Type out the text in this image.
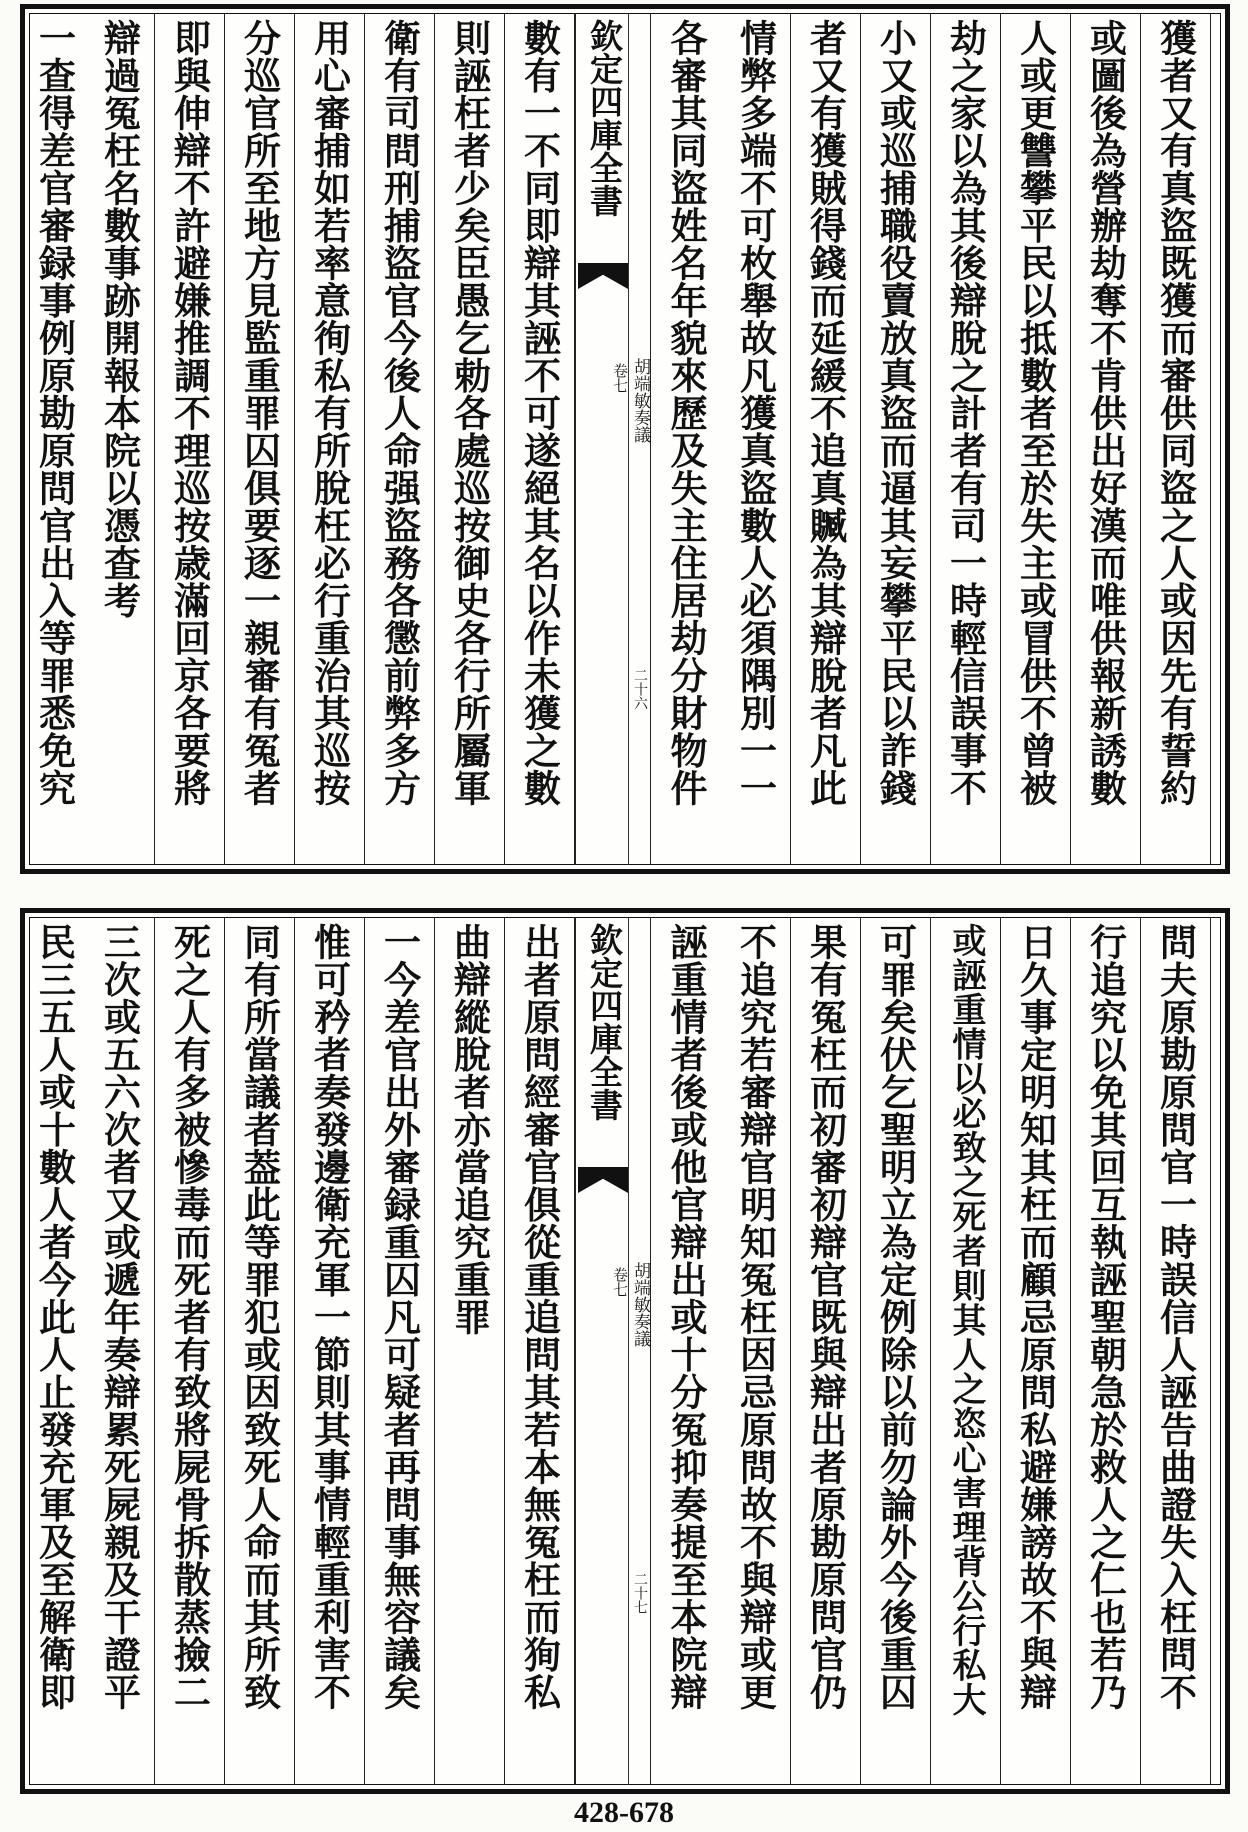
獲者又有真盜既獲而審供同盜之人或因先有誓約
或圖後為營辦劫奪不肯供出好漢而唯供報新誘數
人或更讐攀平民以抵數者至於失主或冒供不曾被
劫之家以為其後辯脫之計者有司一時輕信誤事不
小又或巡捕職役賣放真盜而逼其妄攀平民以詐錢
者又有獲賊得錢而延緩不追真贓為其辯脫者凡此
情弊多端不可枚舉故凡獲真盜數人必須隅別一一
各審其同盜姓名年貌來歷及失主住居劫分財物件
欽定四庫全書
胡端敏奏議
卷七
二十六
數有一不同即辯其誣不可遂絕其名以作未獲之數
則誣枉者少矣臣愚乞勅各處巡按御史各行所屬軍
衛有司問刑捕盜官今後人命强盜務各懲前弊多方
用心審捕如若率意徇私有所脫枉必行重治其巡按
分巡官所至地方見監重罪囚俱要逐一親審有冤者
即與伸辯不許避嫌推調不理巡按歳滿回京各要將
辯過冤枉名數事跡開報本院以憑查考
一查得差官審録事例原勘原問官出入等罪悉免究
問夫原勘原問官一時誤信人誣告曲證失入枉問不
行追究以免其回互執誣聖朝急於救人之仁也若乃
日久事定明知其枉而顧忌原問私避嫌謗故不與辯
或誣重情以必致之死者則其人之恣心害理背公行私大
可罪矣伏乞聖明立為定例除以前勿論外今後重囚
果有冤枉而初審初辯官既與辯出者原勘原問官仍
不追究若審辯官明知冤枉因忌原問故不與辯或更
誣重情者後或他官辯出或十分冤抑奏提至本院辯
欽定四庫全書
胡端敏奏議
卷七
二十七
出者原問經審官俱從重追問其若本無冤枉而狥私
曲辯縱脫者亦當追究重罪
一今差官出外審録重囚凡可疑者再問事無容議矣
惟可矜者奏發邊衛充軍一節則其事情輕重利害不
同有所當議者葢此等罪犯或因致死人命而其所致
死之人有多被慘毒而死者有致將屍骨拆散蒸撿二
三次或五六次者又或遞年奏辯累死屍親及干證平
民三五人或十數人者今此人止發充軍及至解衛即
428-678
